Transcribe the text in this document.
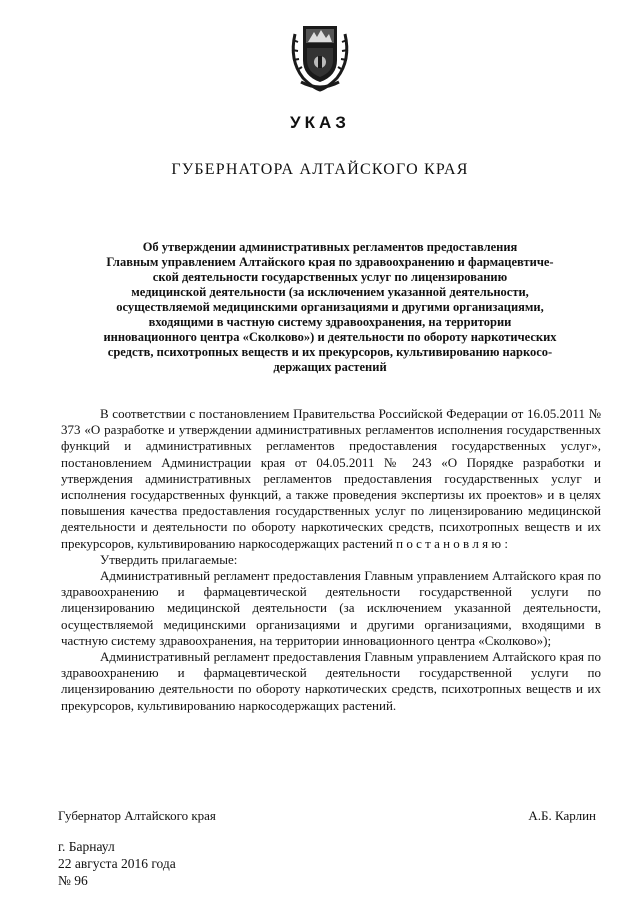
УКАЗ
ГУБЕРНАТОРА АЛТАЙСКОГО КРАЯ
Об утверждении административных регламентов предоставления
Главным управлением Алтайского края по здравоохранению и фармацевтиче-
ской деятельности государственных услуг по лицензированию
медицинской деятельности (за исключением указанной деятельности,
осуществляемой медицинскими организациями и другими организациями,
входящими в частную систему здравоохранения, на территории
инновационного центра «Сколково») и деятельности по обороту наркотических
средств, психотропных веществ и их прекурсоров, культивированию наркосо-
держащих растений

В соответствии с постановлением Правительства Российской Федерации от 16.05.2011 № 373 «О разработке и утверждении административных регламентов исполнения государственных функций и административных регламентов предоставления государственных услуг», постановлением Администрации края от 04.05.2011 № 243 «О Порядке разработки и утверждения административных регламентов предоставления государственных услуг и исполнения государственных функций, а также проведения экспертизы их проектов» и в целях повышения качества предоставления государственных услуг по лицензированию медицинской деятельности и деятельности по обороту наркотических средств, психотропных веществ и их прекурсоров, культивированию наркосодержащих растений п о с т а н о в л я ю :

Утвердить прилагаемые:

Административный регламент предоставления Главным управлением Алтайского края по здравоохранению и фармацевтической деятельности государственной услуги по лицензированию медицинской деятельности (за исключением указанной деятельности, осуществляемой медицинскими организациями и другими организациями, входящими в частную систему здравоохранения, на территории инновационного центра «Сколково»);

Административный регламент предоставления Главным управлением Алтайского края по здравоохранению и фармацевтической деятельности государственной услуги по лицензированию деятельности по обороту наркотических средств, психотропных веществ и их прекурсоров, культивированию наркосодержащих растений.

Губернатор Алтайского края	А.Б. Карлин
г. Барнаул
22 августа 2016 года
№ 96
